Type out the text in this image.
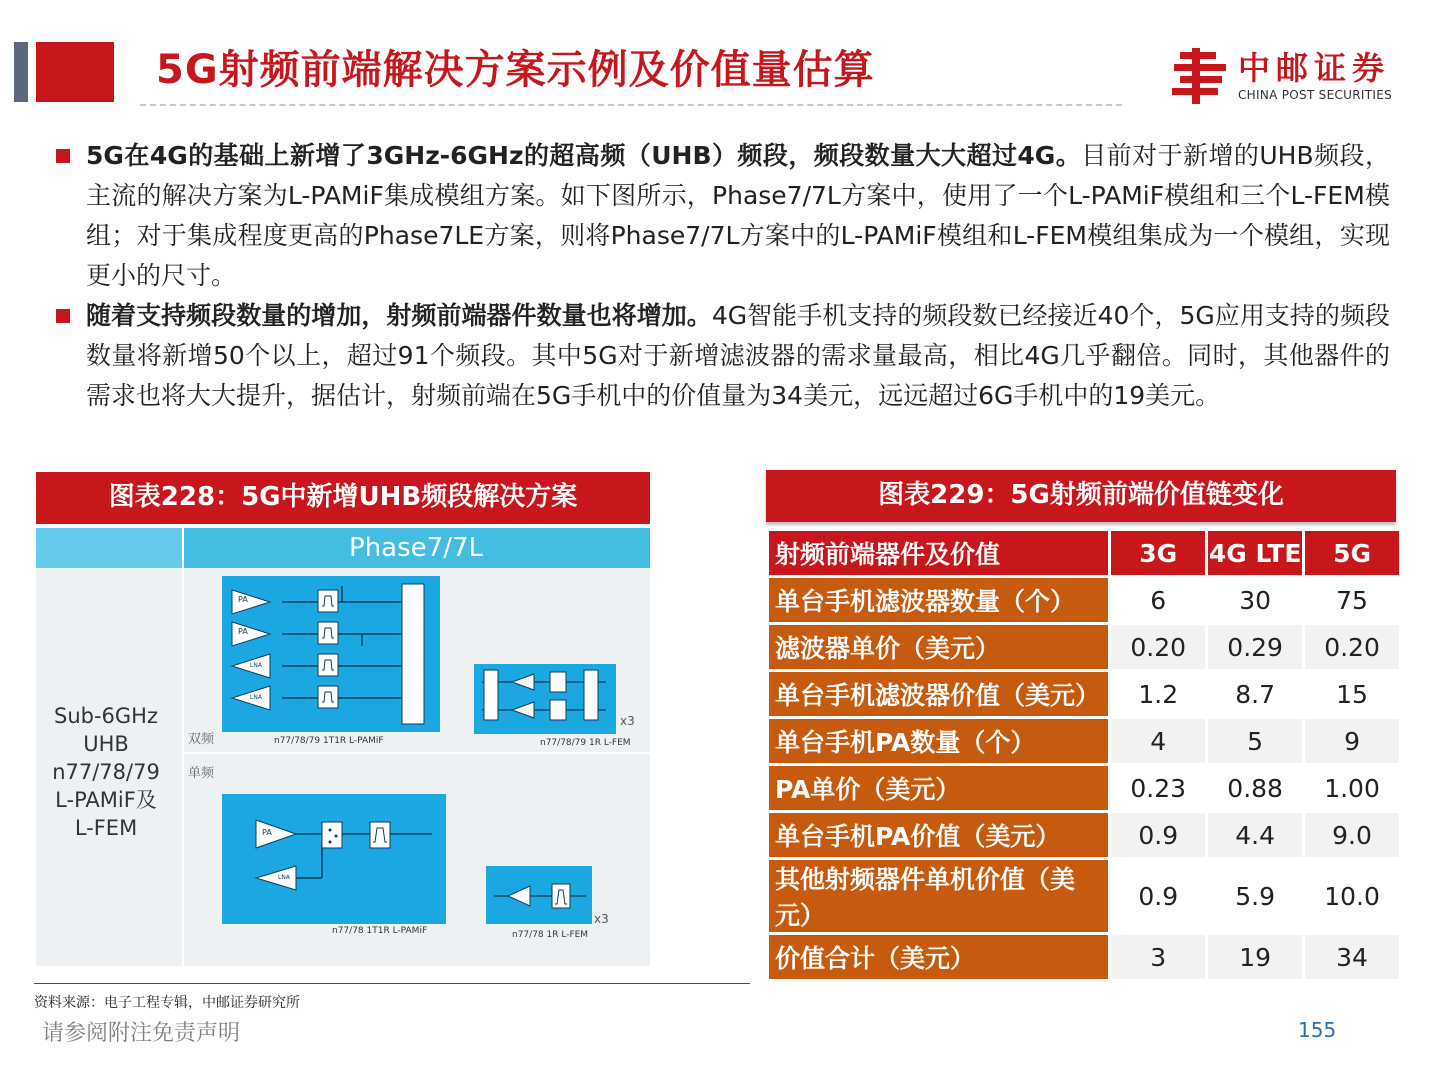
5G射频前端解决方案示例及价值量估算	中邮证券
CHINA POST SECURITIES
5G在4G的基础上新增了3GHz-6GHz的超高频（UHB）频段，频段数量大大超过4G。目前对于新增的UHB频段，主流的解决方案为L-PAMiF集成模组方案。如下图所示，Phase7/7L方案中，使用了一个L-PAMiF模组和三个L-FEM模组；对于集成程度更高的Phase7LE方案，则将Phase7/7L方案中的L-PAMiF模组和L-FEM模组集成为一个模组，实现更小的尺寸。
随着支持频段数量的增加，射频前端器件数量也将增加。4G智能手机支持的频段数已经接近40个，5G应用支持的频段数量将新增50个以上，超过91个频段。其中5G对于新增滤波器的需求量最高，相比4G几乎翻倍。同时，其他器件的需求也将大大提升，据估计，射频前端在5G手机中的价值量为34美元，远远超过6G手机中的19美元。
图表228：5G中新增UHB频段解决方案
Phase7/7L
Sub-6GHz
UHB
n77/78/79
L-PAMiF及
L-FEM
双频
单频
PA
PA
LNA
LNA
n77/78/79 1T1R L-PAMiF
x3
n77/78/79 1R L-FEM
PA
LNA
n77/78 1T1R L-PAMiF
x3
n77/78 1R L-FEM
图表229：5G射频前端价值链变化
射频前端器件及价值	3G	4G LTE	5G
单台手机滤波器数量（个）	6	30	75
滤波器单价（美元）	0.20	0.29	0.20
单台手机滤波器价值（美元）	1.2	8.7	15
单台手机PA数量（个）	4	5	9
PA单价（美元）	0.23	0.88	1.00
单台手机PA价值（美元）	0.9	4.4	9.0
其他射频器件单机价值（美元）	0.9	5.9	10.0
价值合计（美元）	3	19	34
资料来源：电子工程专辑，中邮证券研究所
请参阅附注免责声明	155
